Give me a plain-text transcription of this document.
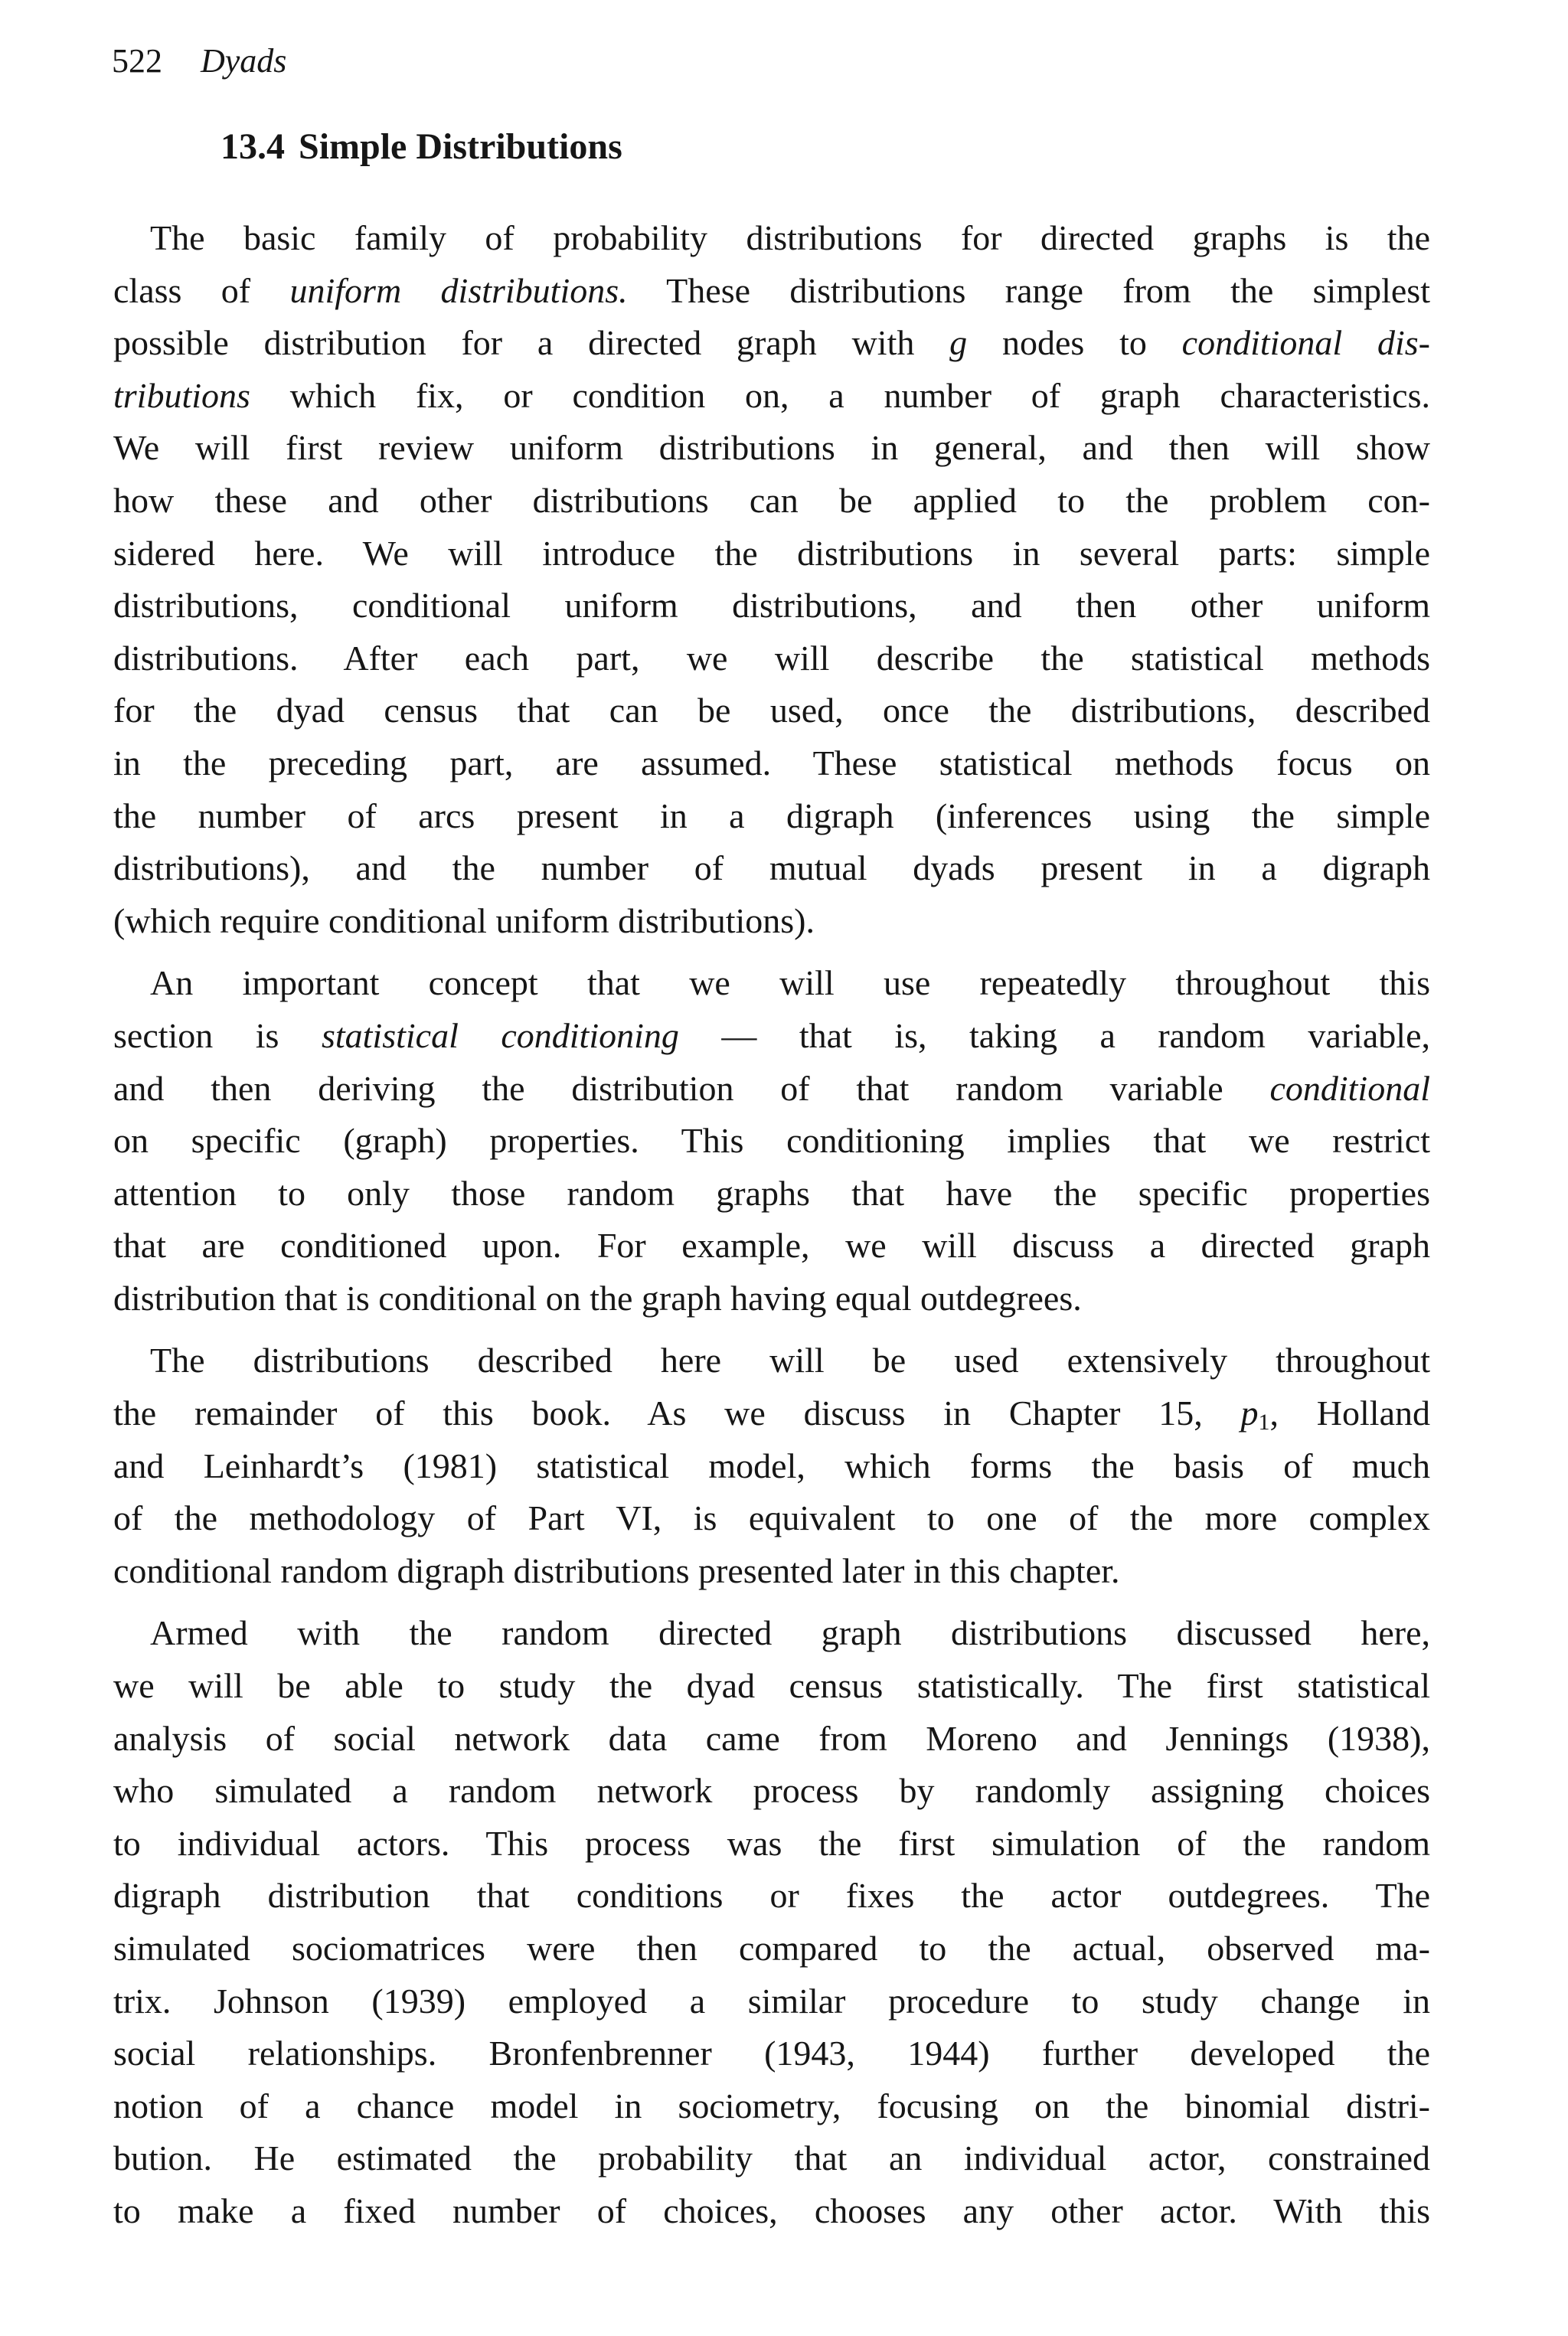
522 Dyads
13.4 Simple Distributions
The basic family of probability distributions for directed graphs is the
class of uniform distributions. These distributions range from the simplest
possible distribution for a directed graph with g nodes to conditional dis-
tributions which fix, or condition on, a number of graph characteristics.
We will first review uniform distributions in general, and then will show
how these and other distributions can be applied to the problem con-
sidered here. We will introduce the distributions in several parts: simple
distributions, conditional uniform distributions, and then other uniform
distributions. After each part, we will describe the statistical methods
for the dyad census that can be used, once the distributions, described
in the preceding part, are assumed. These statistical methods focus on
the number of arcs present in a digraph (inferences using the simple
distributions), and the number of mutual dyads present in a digraph
(which require conditional uniform distributions).
An important concept that we will use repeatedly throughout this
section is statistical conditioning — that is, taking a random variable,
and then deriving the distribution of that random variable conditional
on specific (graph) properties. This conditioning implies that we restrict
attention to only those random graphs that have the specific properties
that are conditioned upon. For example, we will discuss a directed graph
distribution that is conditional on the graph having equal outdegrees.
The distributions described here will be used extensively throughout
the remainder of this book. As we discuss in Chapter 15, $p_1$, Holland
and Leinhardt’s (1981) statistical model, which forms the basis of much
of the methodology of Part VI, is equivalent to one of the more complex
conditional random digraph distributions presented later in this chapter.
Armed with the random directed graph distributions discussed here,
we will be able to study the dyad census statistically. The first statistical
analysis of social network data came from Moreno and Jennings (1938),
who simulated a random network process by randomly assigning choices
to individual actors. This process was the first simulation of the random
digraph distribution that conditions or fixes the actor outdegrees. The
simulated sociomatrices were then compared to the actual, observed ma-
trix. Johnson (1939) employed a similar procedure to study change in
social relationships. Bronfenbrenner (1943, 1944) further developed the
notion of a chance model in sociometry, focusing on the binomial distri-
bution. He estimated the probability that an individual actor, constrained
to make a fixed number of choices, chooses any other actor. With this
